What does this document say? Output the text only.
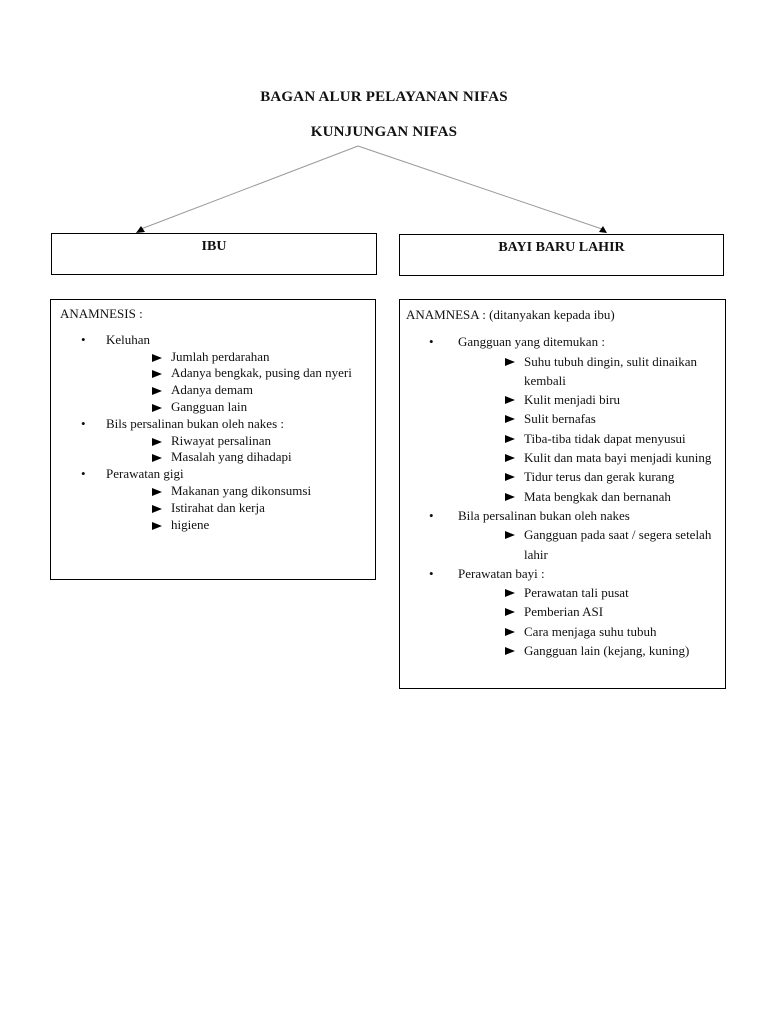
BAGAN ALUR PELAYANAN NIFAS
KUNJUNGAN NIFAS
IBU	BAYI BARU LAHIR
ANAMNESIS :
• Keluhan
Jumlah perdarahan
Adanya bengkak, pusing dan nyeri
Adanya demam
Gangguan lain
• Bils persalinan bukan oleh nakes :
Riwayat persalinan
Masalah yang dihadapi
• Perawatan gigi
Makanan yang dikonsumsi
Istirahat dan kerja
higiene
ANAMNESA : (ditanyakan kepada ibu)
• Gangguan yang ditemukan :
Suhu tubuh dingin, sulit dinaikan kembali
Kulit menjadi biru
Sulit bernafas
Tiba-tiba tidak dapat menyusui
Kulit dan mata bayi menjadi kuning
Tidur terus dan gerak kurang
Mata bengkak dan bernanah
• Bila persalinan bukan oleh nakes
Gangguan pada saat / segera setelah lahir
• Perawatan bayi :
Perawatan tali pusat
Pemberian ASI
Cara menjaga suhu tubuh
Gangguan lain (kejang, kuning)
